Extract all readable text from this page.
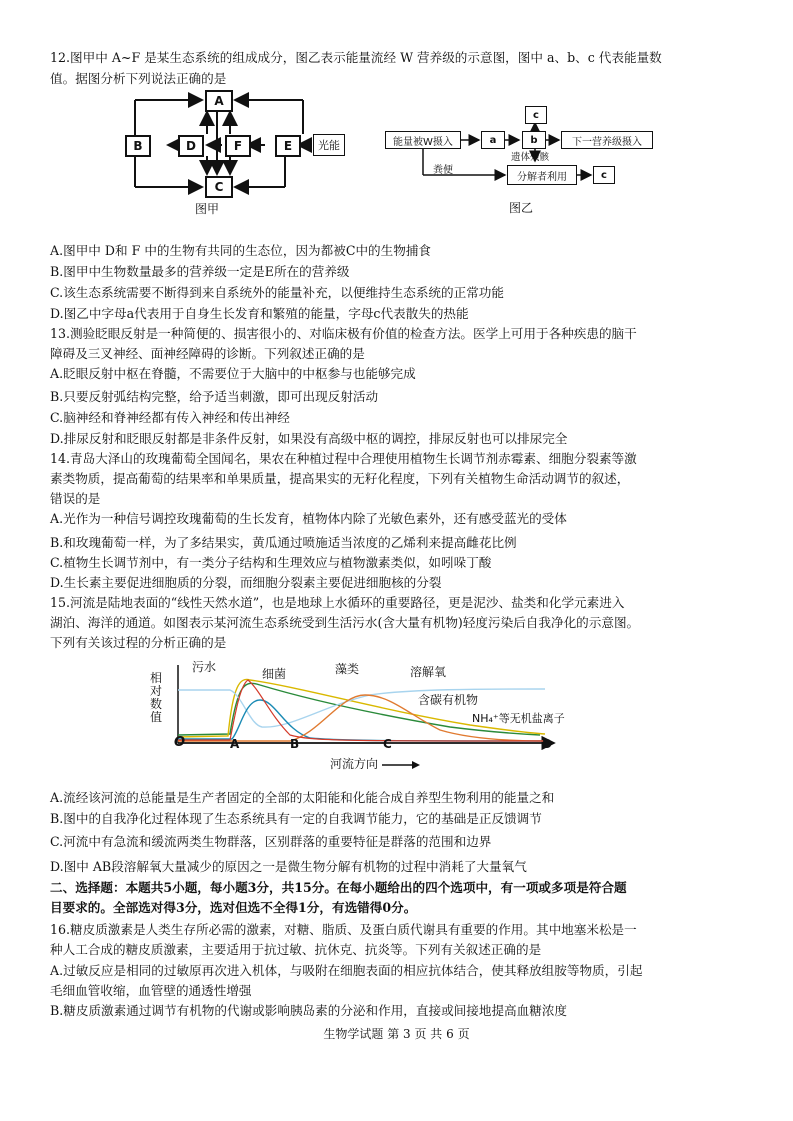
12.图甲中 A~F 是某生态系统的组成成分，图乙表示能量流经 W 营养级的示意图，图中 a、b、c 代表能量数
值。据图分析下列说法正确的是
A
B	D	F	E
C
光能
图甲
能量被W摄入	a	b
c
下一营养级摄入
遗体残骸
粪便
分解者利用	c
图乙
A.图甲中 D和 F 中的生物有共同的生态位，因为都被C中的生物捕食
B.图甲中生物数量最多的营养级一定是E所在的营养级
C.该生态系统需要不断得到来自系统外的能量补充，以便维持生态系统的正常功能
D.图乙中字母a代表用于自身生长发育和繁殖的能量，字母c代表散失的热能
13.测验眨眼反射是一种简便的、损害很小的、对临床极有价值的检查方法。医学上可用于各种疾患的脑干
障碍及三叉神经、面神经障碍的诊断。下列叙述正确的是
A.眨眼反射中枢在脊髓，不需要位于大脑中的中枢参与也能够完成
B.只要反射弧结构完整，给予适当刺激，即可出现反射活动
C.脑神经和脊神经都有传入神经和传出神经
D.排尿反射和眨眼反射都是非条件反射，如果没有高级中枢的调控，排尿反射也可以排尿完全
14.青岛大泽山的玫瑰葡萄全国闻名，果农在种植过程中合理使用植物生长调节剂赤霉素、细胞分裂素等激
素类物质，提高葡萄的结果率和单果质量，提高果实的无籽化程度，下列有关植物生命活动调节的叙述，
错误的是
A.光作为一种信号调控玫瑰葡萄的生长发育，植物体内除了光敏色素外，还有感受蓝光的受体
B.和玫瑰葡萄一样，为了多结果实，黄瓜通过喷施适当浓度的乙烯利来提高雌花比例
C.植物生长调节剂中，有一类分子结构和生理效应与植物激素类似，如吲哚丁酸
D.生长素主要促进细胞质的分裂，而细胞分裂素主要促进细胞核的分裂
15.河流是陆地表面的“线性天然水道”，也是地球上水循环的重要路径，更是泥沙、盐类和化学元素进入
湖泊、海洋的通道。如图表示某河流生态系统受到生活污水(含大量有机物)轻度污染后自我净化的示意图。
下列有关该过程的分析正确的是
相对数值
O	A	B	C	D
污水	细菌	藻类	溶解氧
含碳有机物
NH₄⁺等无机盐离子
河流方向
A.流经该河流的总能量是生产者固定的全部的太阳能和化能合成自养型生物利用的能量之和
B.图中的自我净化过程体现了生态系统具有一定的自我调节能力，它的基础是正反馈调节
C.河流中有急流和缓流两类生物群落，区别群落的重要特征是群落的范围和边界
D.图中 AB段溶解氧大量减少的原因之一是微生物分解有机物的过程中消耗了大量氧气
二、选择题：本题共5小题，每小题3分，共15分。在每小题给出的四个选项中，有一项或多项是符合题
目要求的。全部选对得3分，选对但选不全得1分，有选错得0分。
16.糖皮质激素是人类生存所必需的激素，对糖、脂质、及蛋白质代谢具有重要的作用。其中地塞米松是一
种人工合成的糖皮质激素，主要适用于抗过敏、抗休克、抗炎等。下列有关叙述正确的是
A.过敏反应是相同的过敏原再次进入机体，与吸附在细胞表面的相应抗体结合，使其释放组胺等物质，引起
毛细血管收缩，血管壁的通透性增强
B.糖皮质激素通过调节有机物的代谢或影响胰岛素的分泌和作用，直接或间接地提高血糖浓度
生物学试题 第 3 页 共 6 页
